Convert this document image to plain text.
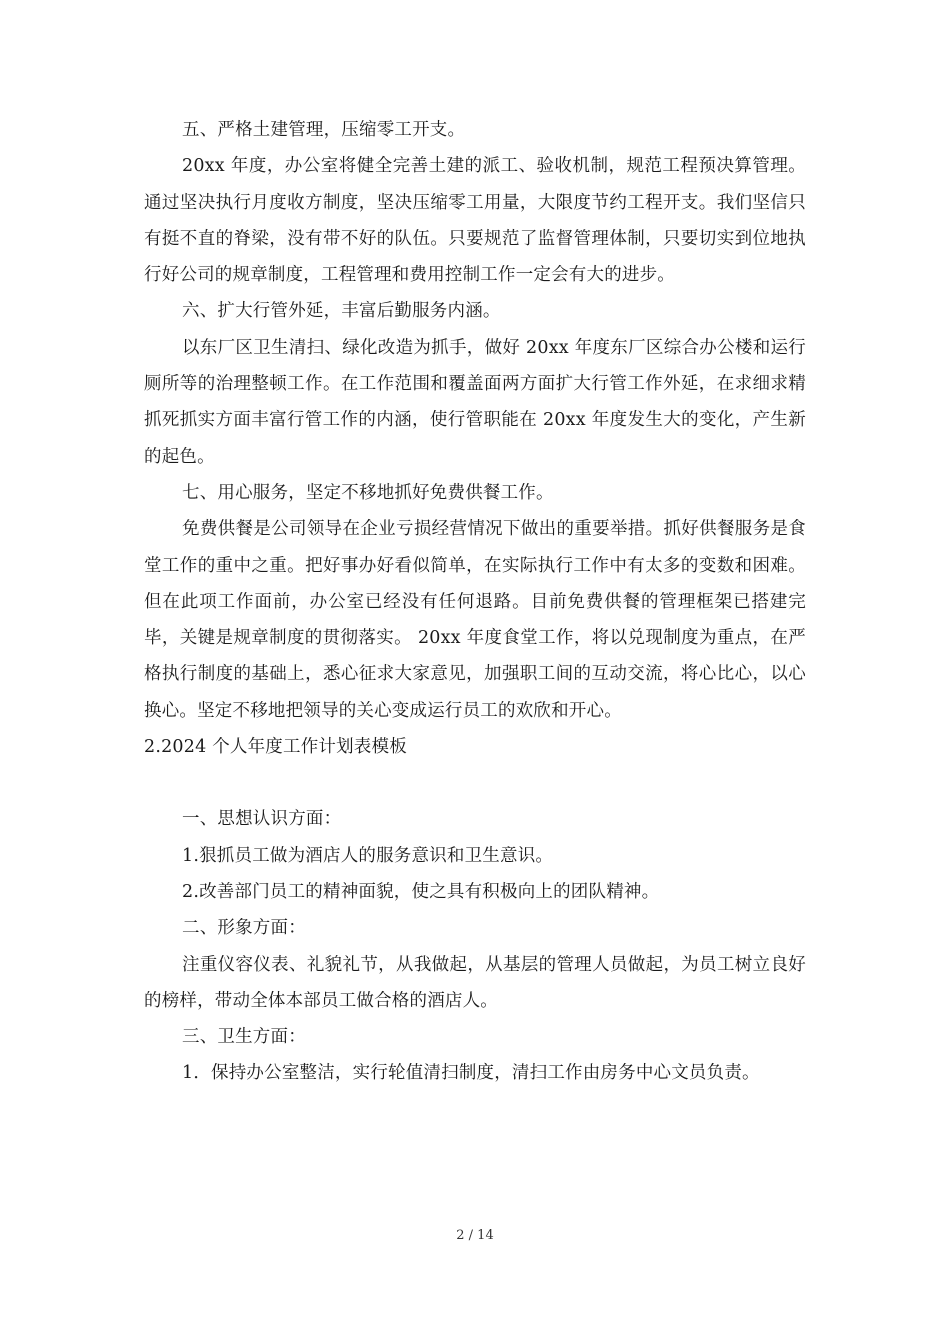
五、严格土建管理，压缩零工开支。

20xx 年度，办公室将健全完善土建的派工、验收机制，规范工程预决算管理。通过坚决执行月度收方制度，坚决压缩零工用量，大限度节约工程开支。我们坚信只有挺不直的脊梁，没有带不好的队伍。只要规范了监督管理体制，只要切实到位地执行好公司的规章制度，工程管理和费用控制工作一定会有大的进步。

六、扩大行管外延，丰富后勤服务内涵。

以东厂区卫生清扫、绿化改造为抓手，做好 20xx 年度东厂区综合办公楼和运行厕所等的治理整顿工作。在工作范围和覆盖面两方面扩大行管工作外延，在求细求精抓死抓实方面丰富行管工作的内涵，使行管职能在 20xx 年度发生大的变化，产生新的起色。

七、用心服务，坚定不移地抓好免费供餐工作。

免费供餐是公司领导在企业亏损经营情况下做出的重要举措。抓好供餐服务是食堂工作的重中之重。把好事办好看似简单，在实际执行工作中有太多的变数和困难。但在此项工作面前，办公室已经没有任何退路。目前免费供餐的管理框架已搭建完毕，关键是规章制度的贯彻落实。 20xx 年度食堂工作，将以兑现制度为重点，在严格执行制度的基础上，悉心征求大家意见，加强职工间的互动交流，将心比心，以心换心。坚定不移地把领导的关心变成运行员工的欢欣和开心。

2.2024 个人年度工作计划表模板

一、思想认识方面：

1.狠抓员工做为酒店人的服务意识和卫生意识。

2.改善部门员工的精神面貌，使之具有积极向上的团队精神。

二、形象方面：

注重仪容仪表、礼貌礼节，从我做起，从基层的管理人员做起，为员工树立良好的榜样，带动全体本部员工做合格的酒店人。

三、卫生方面：

1．保持办公室整洁，实行轮值清扫制度，清扫工作由房务中心文员负责。

2 / 14
